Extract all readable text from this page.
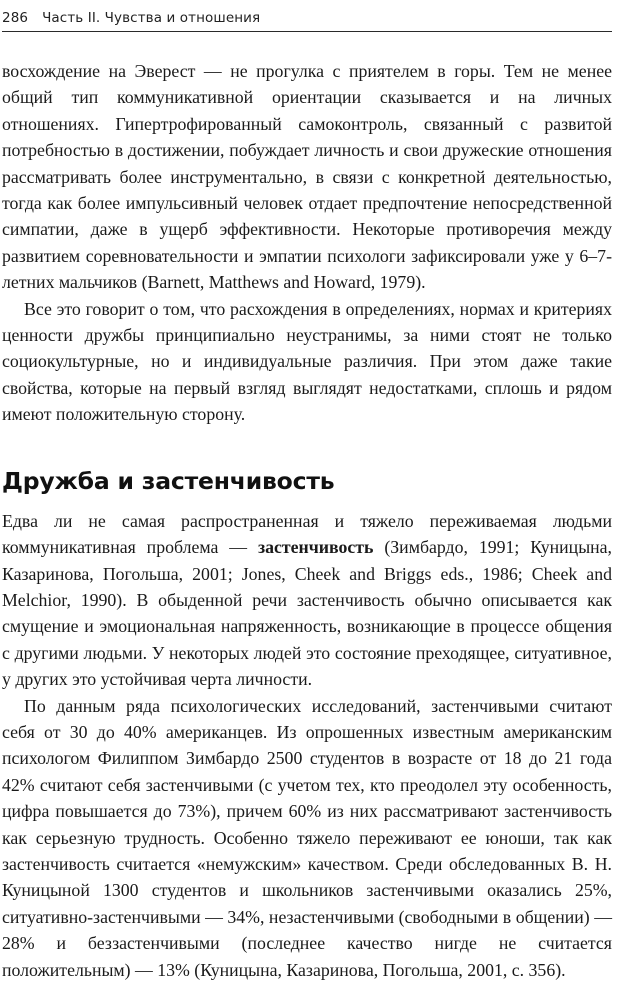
286 Часть II. Чувства и отношения

восхождение на Эверест — не прогулка с приятелем в горы. Тем не менее общий тип коммуникативной ориентации сказывается и на личных отношениях. Гипертрофированный самоконтроль, связанный с развитой потребностью в достижении, побуждает личность и свои дружеские отношения рассматривать более инструментально, в связи с конкретной деятельностью, тогда как более импульсивный человек отдает предпочтение непосредственной симпатии, даже в ущерб эффективности. Некоторые противоречия между развитием соревновательности и эмпатии психологи зафиксировали уже у 6–7-летних мальчиков (Barnett, Matthews and Howard, 1979).

Все это говорит о том, что расхождения в определениях, нормах и критериях ценности дружбы принципиально неустранимы, за ними стоят не только социокультурные, но и индивидуальные различия. При этом даже такие свойства, которые на первый взгляд выглядят недостатками, сплошь и рядом имеют положительную сторону.

Дружба и застенчивость

Едва ли не самая распространенная и тяжело переживаемая людьми коммуникативная проблема — застенчивость (Зимбардо, 1991; Куницына, Казаринова, Погольша, 2001; Jones, Cheek and Briggs eds., 1986; Cheek and Melchior, 1990). В обыденной речи застенчивость обычно описывается как смущение и эмоциональная напряженность, возникающие в процессе общения с другими людьми. У некоторых людей это состояние преходящее, ситуативное, у других это устойчивая черта личности.

По данным ряда психологических исследований, застенчивыми считают себя от 30 до 40% американцев. Из опрошенных известным американским психологом Филиппом Зимбардо 2500 студентов в возрасте от 18 до 21 года 42% считают себя застенчивыми (с учетом тех, кто преодолел эту особенность, цифра повышается до 73%), причем 60% из них рассматривают застенчивость как серьезную трудность. Особенно тяжело переживают ее юноши, так как застенчивость считается «немужским» качеством. Среди обследованных В. Н. Куницыной 1300 студентов и школьников застенчивыми оказались 25%, ситуативно-застенчивыми — 34%, незастенчивыми (свободными в общении) — 28% и беззастенчивыми (последнее качество нигде не считается положительным) — 13% (Куницына, Казаринова, Погольша, 2001, с. 356).
